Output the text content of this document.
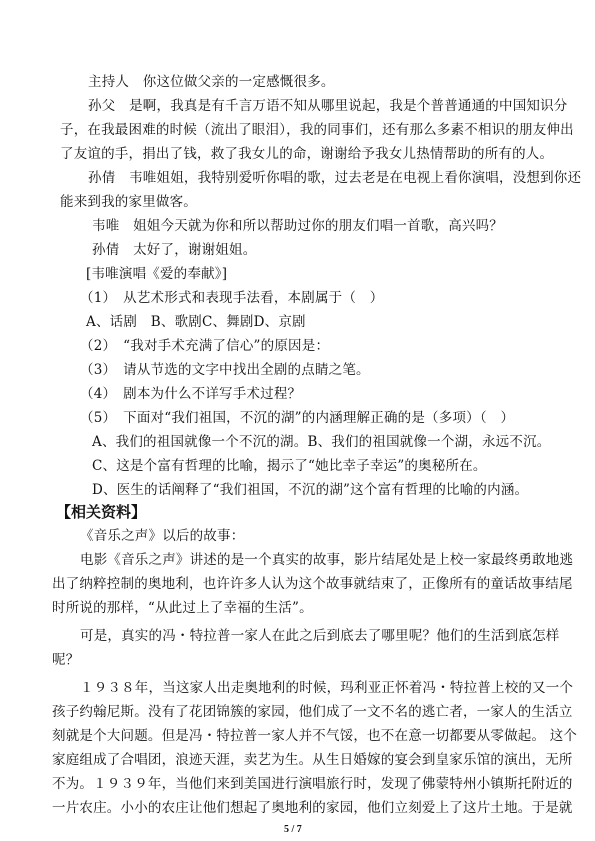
主持人　你这位做父亲的一定感慨很多。
孙父　是啊，我真是有千言万语不知从哪里说起，我是个普普通通的中国知识分
子，在我最困难的时候（流出了眼泪），我的同事们，还有那么多素不相识的朋友伸出
了友谊的手，捐出了钱，救了我女儿的命，谢谢给予我女儿热情帮助的所有的人。
孙倩　韦唯姐姐，我特别爱听你唱的歌，过去老是在电视上看你演唱，没想到你还
能来到我的家里做客。
韦唯　姐姐今天就为你和所以帮助过你的朋友们唱一首歌，高兴吗？
孙倩　太好了，谢谢姐姐。
[韦唯演唱《爱的奉献》]
（1）　从艺术形式和表现手法看，本剧属于（　）
A、话剧　B、歌剧C、舞剧D、京剧
（2）　“我对手术充满了信心”的原因是：
（3）　请从节选的文字中找出全剧的点睛之笔。
（4）　剧本为什么不详写手术过程？
（5）　下面对“我们祖国，不沉的湖”的内涵理解正确的是（多项）（　）
A、我们的祖国就像一个不沉的湖。B、我们的祖国就像一个湖，永远不沉。
C、这是个富有哲理的比喻，揭示了“她比幸子幸运”的奥秘所在。
D、医生的话阐释了“我们祖国，不沉的湖”这个富有哲理的比喻的内涵。
【相关资料】
《音乐之声》以后的故事：
电影《音乐之声》讲述的是一个真实的故事，影片结尾处是上校一家最终勇敢地逃
出了纳粹控制的奥地利，也许许多人认为这个故事就结束了，正像所有的童话故事结尾
时所说的那样，“从此过上了幸福的生活”。
可是，真实的冯・特拉普一家人在此之后到底去了哪里呢？他们的生活到底怎样
呢？
１９３８年，当这家人出走奥地利的时候，玛利亚正怀着冯・特拉普上校的又一个
孩子约翰尼斯。没有了花团锦簇的家园，他们成了一文不名的逃亡者，一家人的生活立
刻就是个大问题。但是冯・特拉普一家人并不气馁，也不在意一切都要从零做起。 这个
家庭组成了合唱团，浪迹天涯，卖艺为生。从生日婚嫁的宴会到皇家乐馆的演出，无所
不为。１９３９年，当他们来到美国进行演唱旅行时，发现了佛蒙特州小镇斯托附近的
一片农庄。小小的农庄让他们想起了奥地利的家园，他们立刻爱上了这片土地。于是就
5 / 7
